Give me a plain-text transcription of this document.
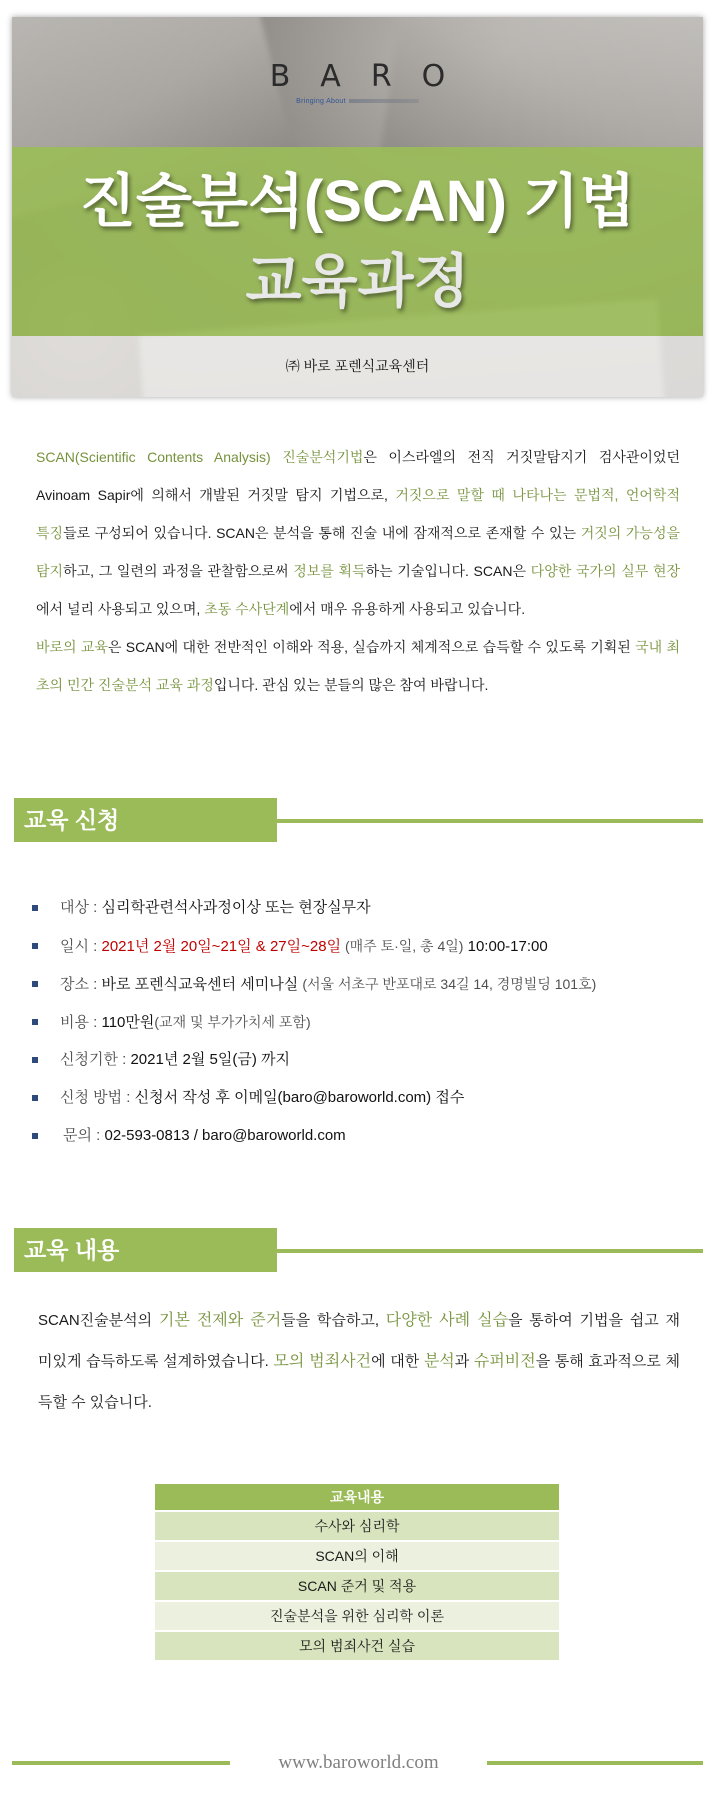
B A R O
Bringing About
진술분석(SCAN) 기법
교육과정
㈜ 바로 포렌식교육센터
SCAN(Scientific Contents Analysis) 진술분석기법은 이스라엘의 전직 거짓말탐지기 검사관이었던
Avinoam Sapir에 의해서 개발된 거짓말 탐지 기법으로, 거짓으로 말할 때 나타나는 문법적, 언어학적
특징들로 구성되어 있습니다. SCAN은 분석을 통해 진술 내에 잠재적으로 존재할 수 있는 거짓의 가능성을
탐지하고, 그 일련의 과정을 관찰함으로써 정보를 획득하는 기술입니다. SCAN은 다양한 국가의 실무 현장
에서 널리 사용되고 있으며, 초동 수사단계에서 매우 유용하게 사용되고 있습니다.
바로의 교육은 SCAN에 대한 전반적인 이해와 적용, 실습까지 체계적으로 습득할 수 있도록 기획된 국내 최
초의 민간 진술분석 교육 과정입니다. 관심 있는 분들의 많은 참여 바랍니다.
교육 신청
대상 : 심리학관련석사과정이상 또는 현장실무자
일시 : 2021년 2월 20일~21일 & 27일~28일 (매주 토·일, 총 4일) 10:00-17:00
장소 : 바로 포렌식교육센터 세미나실 (서울 서초구 반포대로 34길 14, 경명빌딩 101호)
비용 : 110만원(교재 및 부가가치세 포함)
신청기한 : 2021년 2월 5일(금) 까지
신청 방법 : 신청서 작성 후 이메일(baro@baroworld.com) 접수
문의 : 02-593-0813 / baro@baroworld.com
교육 내용
SCAN진술분석의 기본 전제와 준거들을 학습하고, 다양한 사례 실습을 통하여 기법을 쉽고 재
미있게 습득하도록 설계하였습니다. 모의 범죄사건에 대한 분석과 슈퍼비전을 통해 효과적으로 체
득할 수 있습니다.
교육내용
수사와 심리학
SCAN의 이해
SCAN 준거 및 적용
진술분석을 위한 심리학 이론
모의 범죄사건 실습
www.baroworld.com
